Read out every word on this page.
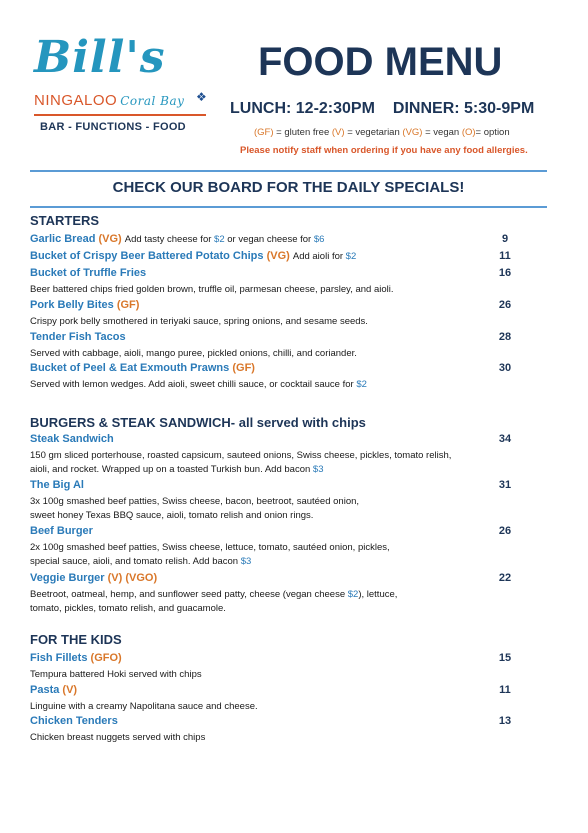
Bill's
NINGALOO Coral Bay ❖
BAR - FUNCTIONS - FOOD
FOOD MENU
LUNCH: 12-2:30PM DINNER: 5:30-9PM
(GF) = gluten free (V) = vegetarian (VG) = vegan (O)= option
Please notify staff when ordering if you have any food allergies.
CHECK OUR BOARD FOR THE DAILY SPECIALS!
STARTERS
Garlic Bread (VG) Add tasty cheese for $2 or vegan cheese for $6	9
Bucket of Crispy Beer Battered Potato Chips (VG) Add aioli for $2	11
Bucket of Truffle Fries	16
Beer battered chips fried golden brown, truffle oil, parmesan cheese, parsley, and aioli.
Pork Belly Bites (GF)	26
Crispy pork belly smothered in teriyaki sauce, spring onions, and sesame seeds.
Tender Fish Tacos	28
Served with cabbage, aioli, mango puree, pickled onions, chilli, and coriander.
Bucket of Peel & Eat Exmouth Prawns (GF)	30
Served with lemon wedges. Add aioli, sweet chilli sauce, or cocktail sauce for $2
BURGERS & STEAK SANDWICH- all served with chips
Steak Sandwich	34
150 gm sliced porterhouse, roasted capsicum, sauteed onions, Swiss cheese, pickles, tomato relish,
aioli, and rocket. Wrapped up on a toasted Turkish bun. Add bacon $3
The Big Al	31
3x 100g smashed beef patties, Swiss cheese, bacon, beetroot, sautéed onion,
sweet honey Texas BBQ sauce, aioli, tomato relish and onion rings.
Beef Burger	26
2x 100g smashed beef patties, Swiss cheese, lettuce, tomato, sautéed onion, pickles,
special sauce, aioli, and tomato relish. Add bacon $3
Veggie Burger (V) (VGO)	22
Beetroot, oatmeal, hemp, and sunflower seed patty, cheese (vegan cheese $2), lettuce,
tomato, pickles, tomato relish, and guacamole.
FOR THE KIDS
Fish Fillets (GFO)	15
Tempura battered Hoki served with chips
Pasta (V)	11
Linguine with a creamy Napolitana sauce and cheese.
Chicken Tenders	13
Chicken breast nuggets served with chips
